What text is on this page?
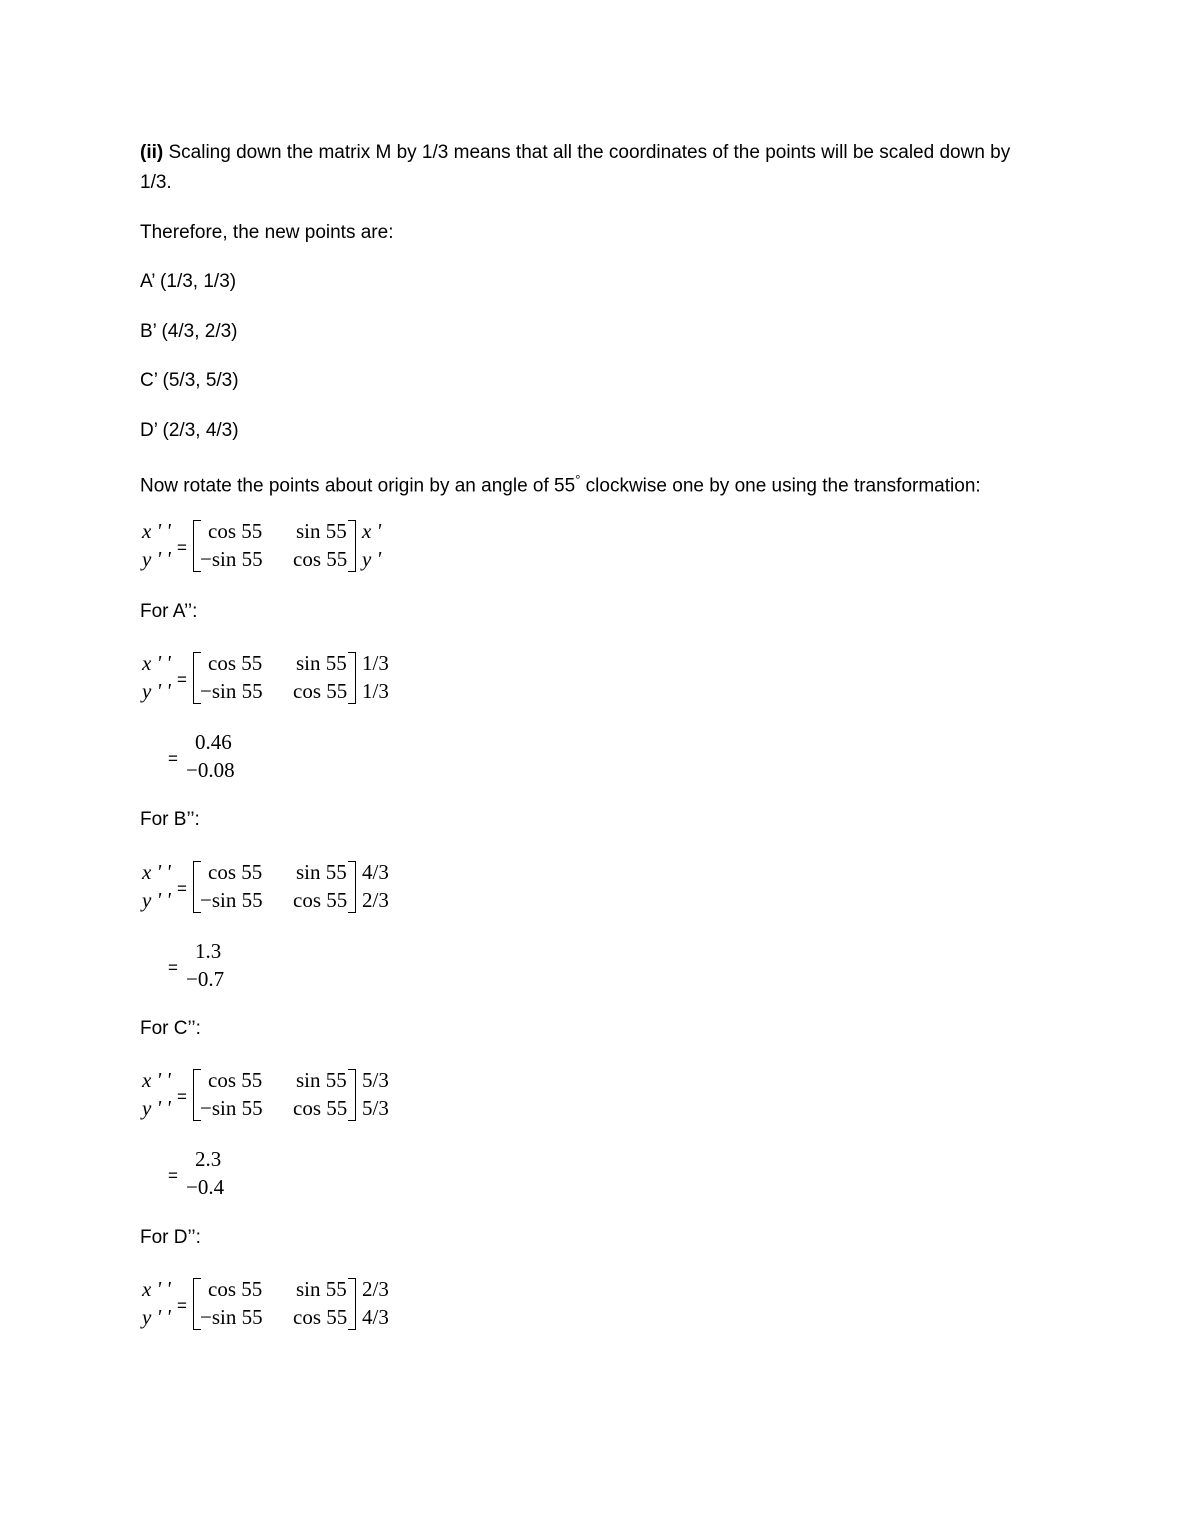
(ii) Scaling down the matrix M by 1/3 means that all the coordinates of the points will be scaled down by
1/3.
Therefore, the new points are:
A’ (1/3, 1/3)
B’ (4/3, 2/3)
C’ (5/3, 5/3)
D’ (2/3, 4/3)
Now rotate the points about origin by an angle of 55° clockwise one by one using the transformation:
x ' '
y ' ' =
cos 55
−sin 55
sin 55
cos 55
x '
y '
For A’’:
x ' '
y ' ' =
cos 55
−sin 55
sin 55
cos 55
1/3
1/3
=
0.46
−0.08
For B’’:
x ' '
y ' ' =
cos 55
−sin 55
sin 55
cos 55
4/3
2/3
=
1.3
−0.7
For C’’:
x ' '
y ' ' =
cos 55
−sin 55
sin 55
cos 55
5/3
5/3
=
2.3
−0.4
For D’’:
x ' '
y ' ' =
cos 55
−sin 55
sin 55
cos 55
2/3
4/3
